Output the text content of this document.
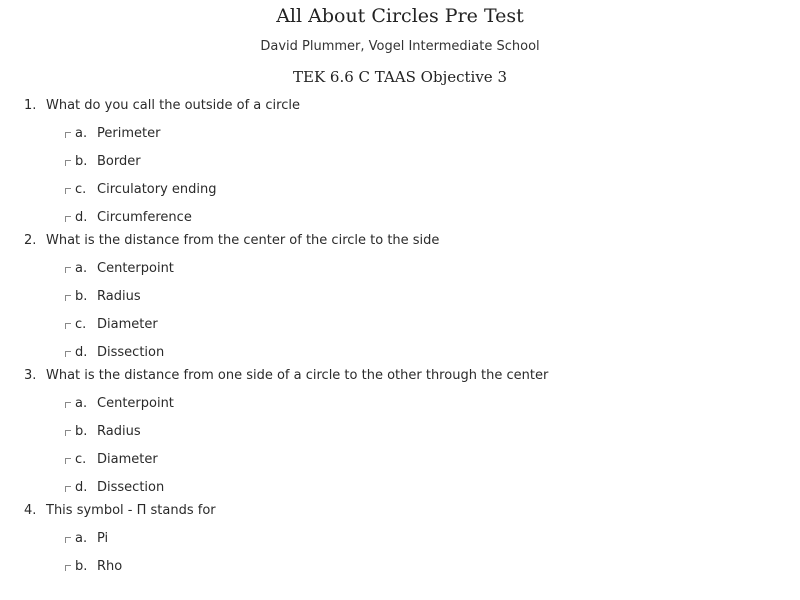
All About Circles Pre Test
David Plummer, Vogel Intermediate School
TEK 6.6 C TAAS Objective 3
1. What do you call the outside of a circle
a. Perimeter
b. Border
c. Circulatory ending
d. Circumference
2. What is the distance from the center of the circle to the side
a. Centerpoint
b. Radius
c. Diameter
d. Dissection
3. What is the distance from one side of a circle to the other through the center
a. Centerpoint
b. Radius
c. Diameter
d. Dissection
4. This symbol - Π stands for
a. Pi
b. Rho
